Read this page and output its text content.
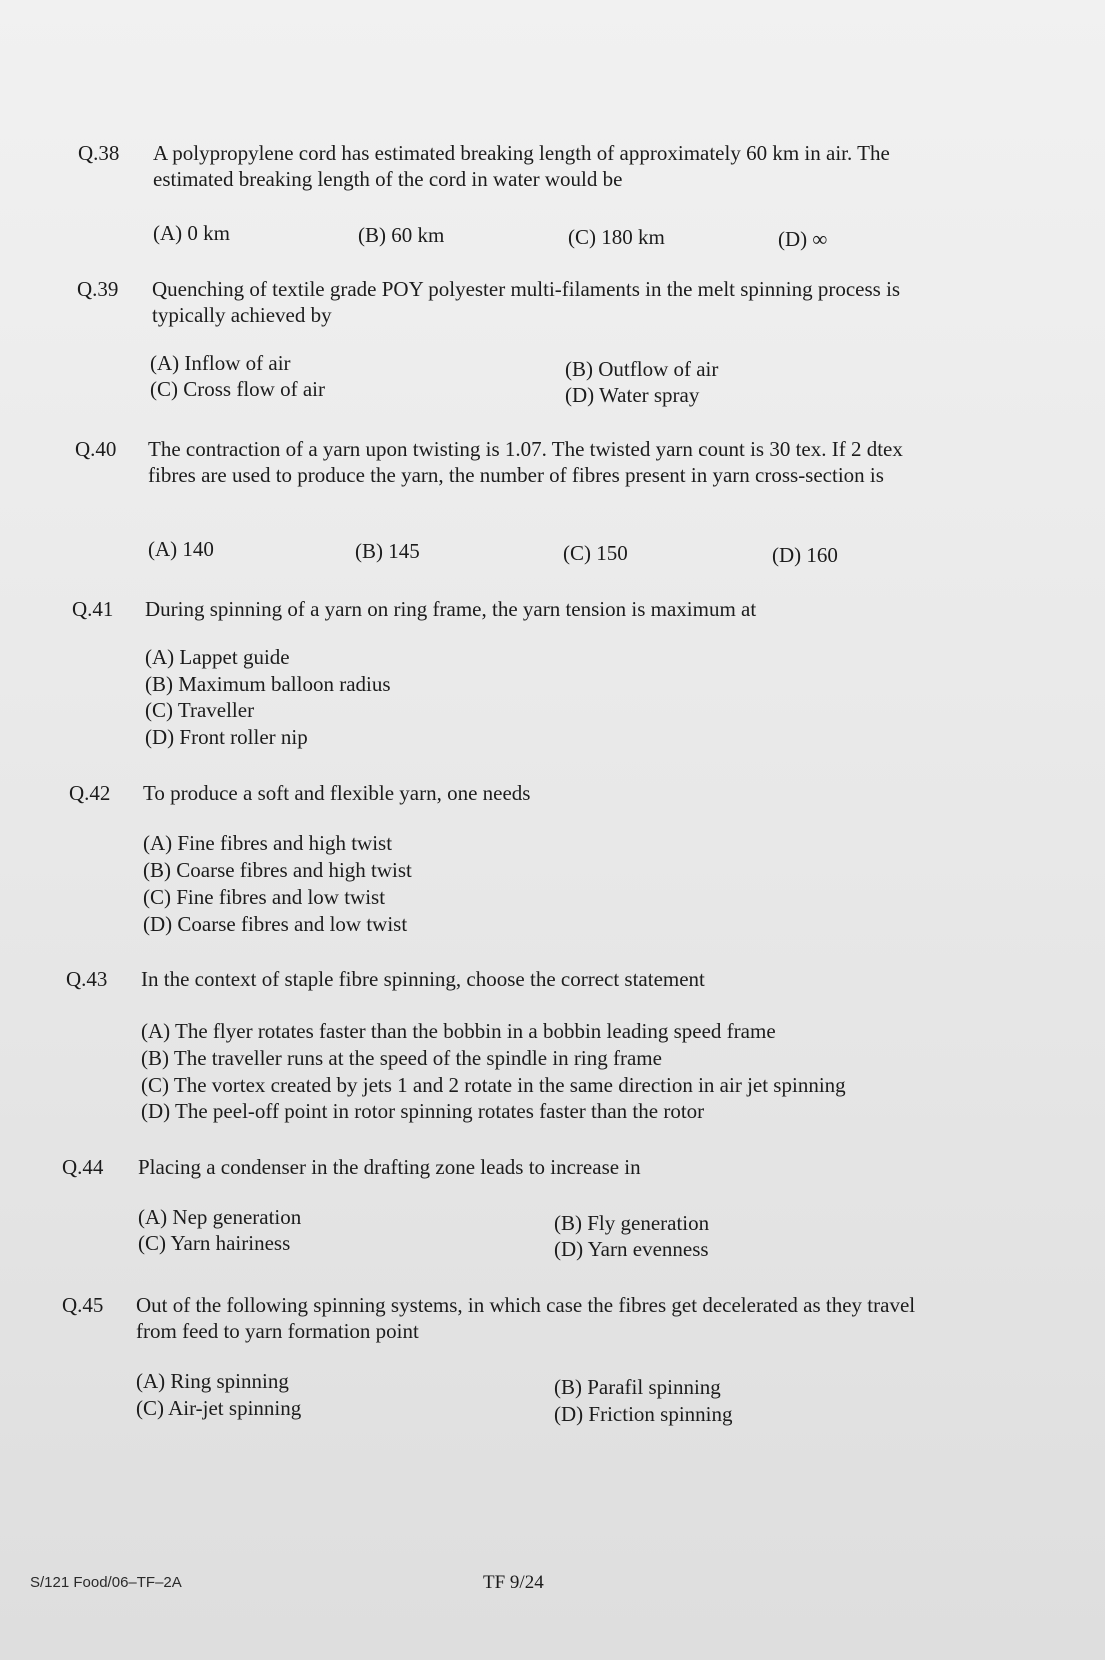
Q.38 A polypropylene cord has estimated breaking length of approximately 60 km in air. The estimated breaking length of the cord in water would be
(A) 0 km	(B) 60 km	(C) 180 km	(D) ∞
Q.39 Quenching of textile grade POY polyester multi-filaments in the melt spinning process is typically achieved by
(A) Inflow of air	(B) Outflow of air
(C) Cross flow of air	(D) Water spray
Q.40 The contraction of a yarn upon twisting is 1.07. The twisted yarn count is 30 tex. If 2 dtex fibres are used to produce the yarn, the number of fibres present in yarn cross-section is
(A) 140	(B) 145	(C) 150	(D) 160
Q.41 During spinning of a yarn on ring frame, the yarn tension is maximum at
(A) Lappet guide
(B) Maximum balloon radius
(C) Traveller
(D) Front roller nip
Q.42 To produce a soft and flexible yarn, one needs
(A) Fine fibres and high twist
(B) Coarse fibres and high twist
(C) Fine fibres and low twist
(D) Coarse fibres and low twist
Q.43 In the context of staple fibre spinning, choose the correct statement
(A) The flyer rotates faster than the bobbin in a bobbin leading speed frame
(B) The traveller runs at the speed of the spindle in ring frame
(C) The vortex created by jets 1 and 2 rotate in the same direction in air jet spinning
(D) The peel-off point in rotor spinning rotates faster than the rotor
Q.44 Placing a condenser in the drafting zone leads to increase in
(A) Nep generation	(B) Fly generation
(C) Yarn hairiness	(D) Yarn evenness
Q.45 Out of the following spinning systems, in which case the fibres get decelerated as they travel from feed to yarn formation point
(A) Ring spinning	(B) Parafil spinning
(C) Air-jet spinning	(D) Friction spinning
S/121 Food/06–TF–2A	TF 9/24
